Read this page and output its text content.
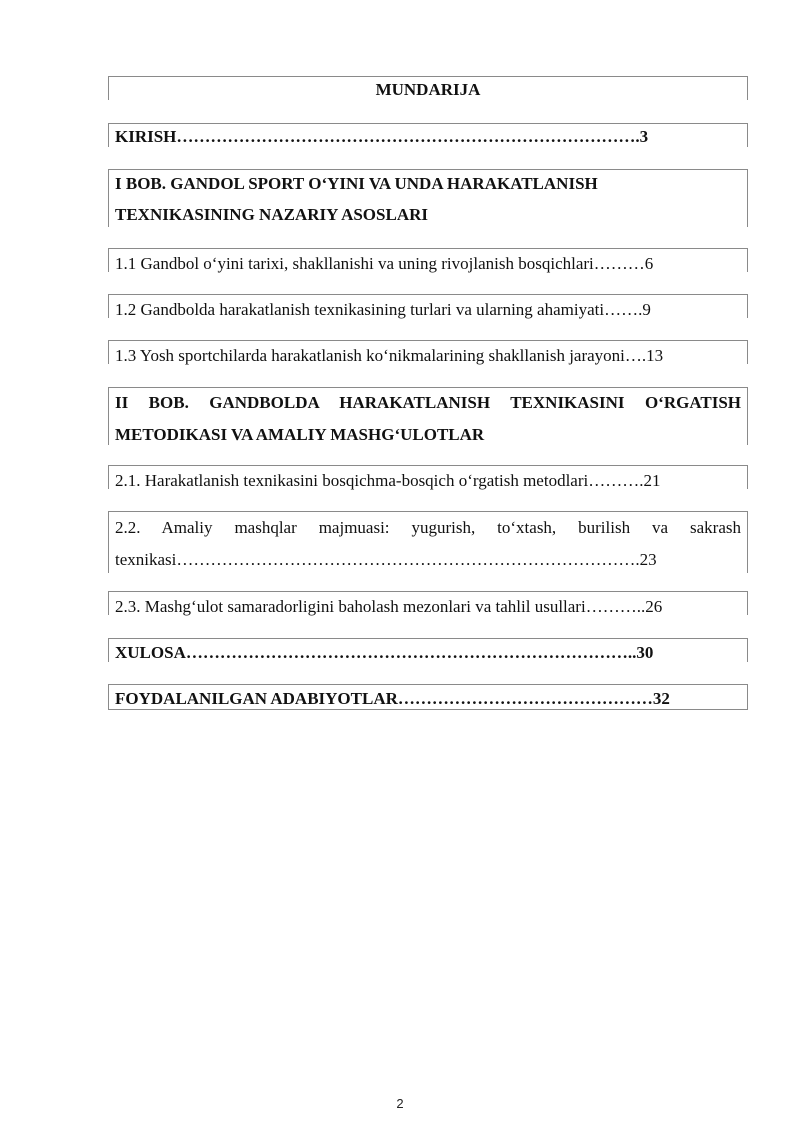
MUNDARIJA
KIRISH……………………………………………………………………….3
I BOB. GANDOL SPORT O‘YINI VA UNDA HARAKATLANISH
TEXNIKASINING NAZARIY ASOSLARI
1.1 Gandbol o‘yini tarixi, shakllanishi va uning rivojlanish bosqichlari………6
1.2 Gandbolda harakatlanish texnikasining turlari va ularning ahamiyati…….9
1.3 Yosh sportchilarda harakatlanish ko‘nikmalarining shakllanish jarayoni….13
II BOB. GANDBOLDA HARAKATLANISH TEXNIKASINI O‘RGATISH
METODIKASI VA AMALIY MASHG‘ULOTLAR
2.1. Harakatlanish texnikasini bosqichma-bosqich o‘rgatish metodlari……….21
2.2. Amaliy mashqlar majmuasi: yugurish, to‘xtash, burilish va sakrash
texnikasi……………………………………………………………………….23
2.3. Mashg‘ulot samaradorligini baholash mezonlari va tahlil usullari………..26
XULOSA……………………………………………………………………..30
FOYDALANILGAN ADABIYOTLAR………………………………………32
2
